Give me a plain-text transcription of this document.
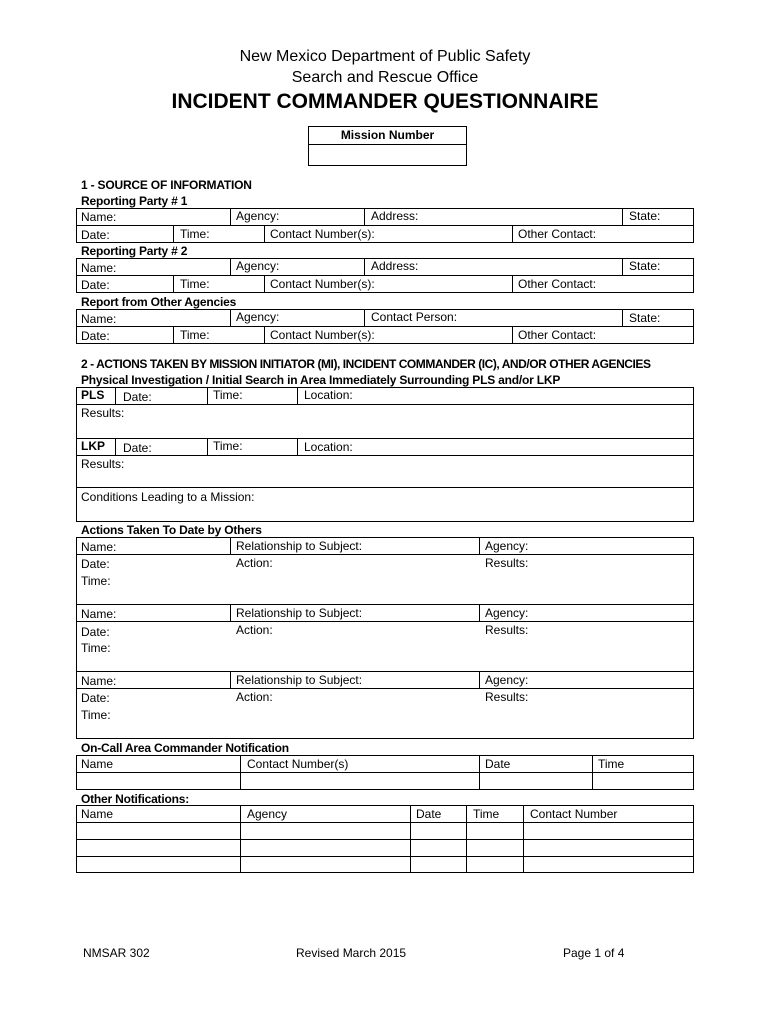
New Mexico Department of Public Safety
Search and Rescue Office
INCIDENT COMMANDER QUESTIONNAIRE
Mission Number
1 - SOURCE OF INFORMATION
Reporting Party # 1
Name:	Agency:	Address:	State:
Date:	Time:	Contact Number(s):	Other Contact:
Reporting Party # 2
Name:	Agency:	Address:	State:
Date:	Time:	Contact Number(s):	Other Contact:
Report from Other Agencies
Name:	Agency:	Contact Person:	State:
Date:	Time:	Contact Number(s):	Other Contact:
2 - ACTIONS TAKEN BY MISSION INITIATOR (MI), INCIDENT COMMANDER (IC), AND/OR OTHER AGENCIES
Physical Investigation / Initial Search in Area Immediately Surrounding PLS and/or LKP
PLS Date:	Time:	Location:
Results:
LKP Date:	Time:	Location:
Results:
Conditions Leading to a Mission:
Actions Taken To Date by Others
Name:	Relationship to Subject:	Agency:
Date:	Action:	Results:
Time:
Name:	Relationship to Subject:	Agency:
Date:	Action:	Results:
Time:
Name:	Relationship to Subject:	Agency:
Date:	Action:	Results:
Time:
On-Call Area Commander Notification
Name	Contact Number(s)	Date	Time
Other Notifications:
Name	Agency	Date	Time	Contact Number
NMSAR 302	Revised March 2015	Page 1 of 4
